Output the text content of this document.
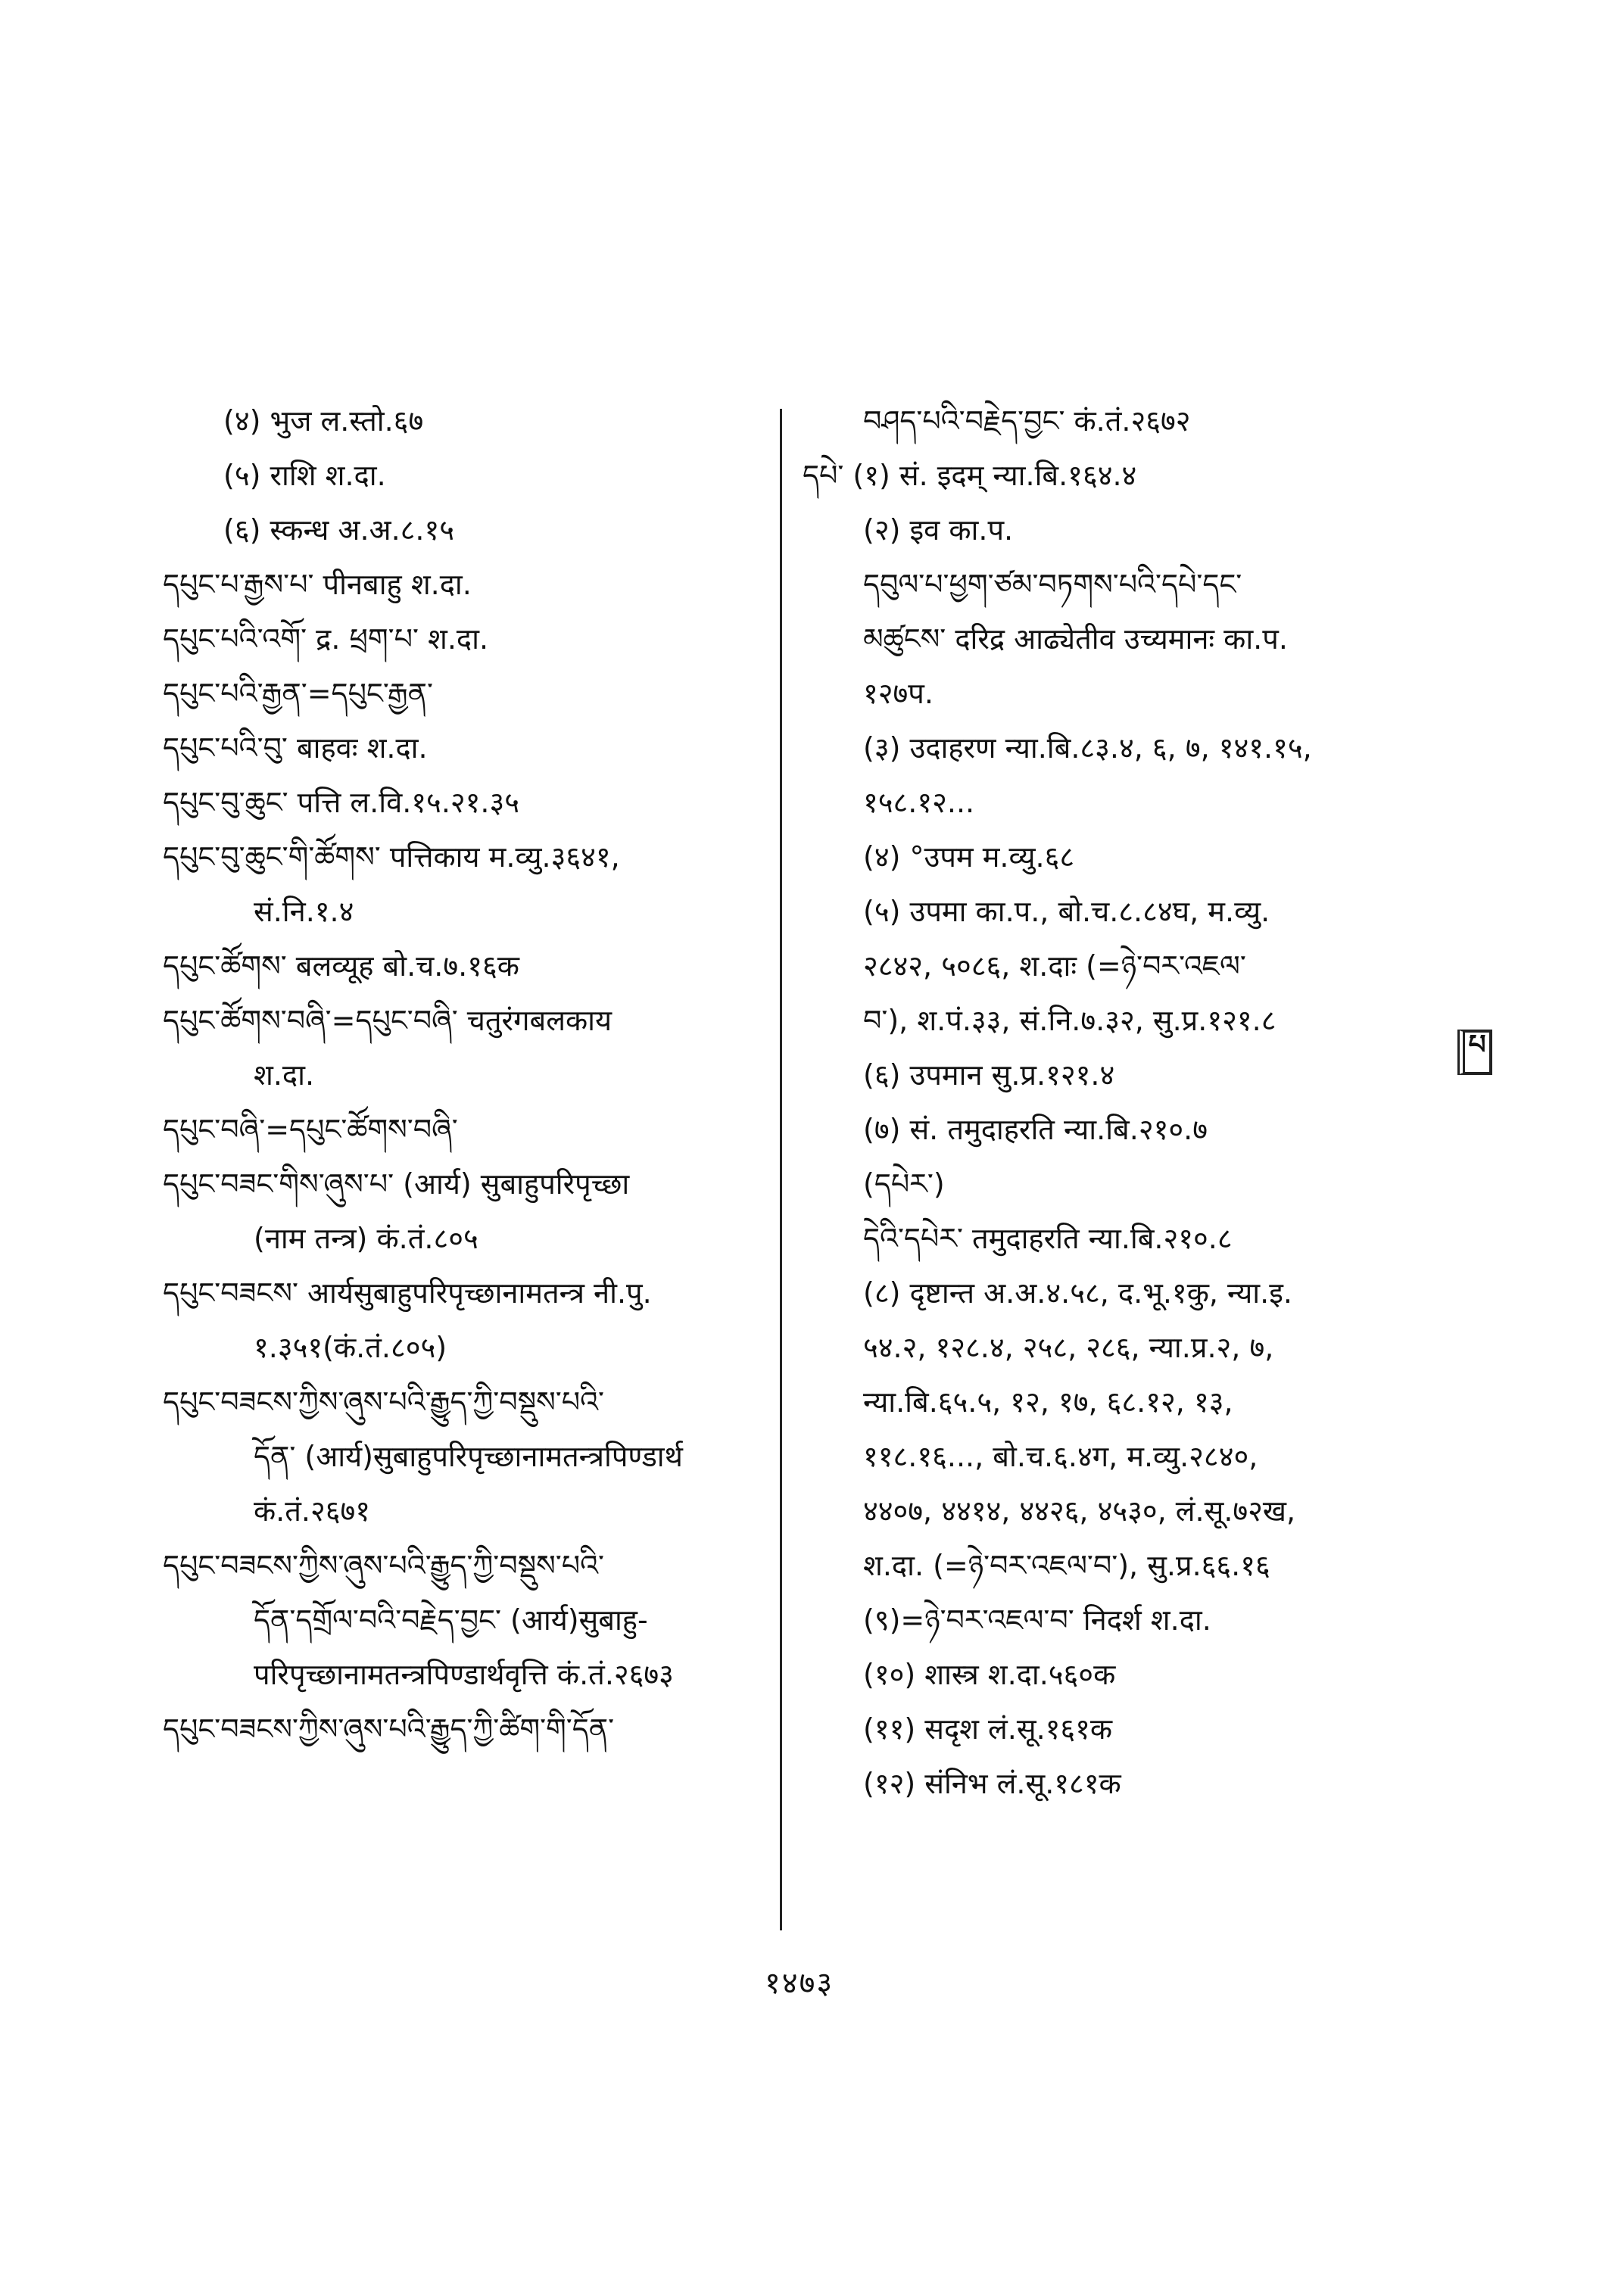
(४) भुज ल.स्तो.६७
(५) राशि श.दा.
(६) स्कन्ध अ.अ.८.१५
དཔུང་པ་རྒྱས་པ་ पीनबाहु श.दा.
དཔུང་པའི་འགོ་ द्र. ཕྲག་པ་ श.दा.
དཔུང་པའི་རྒྱན་=དཔུང་རྒྱན་
དཔུང་པའི་བུ་ बाहवः श.दा.
དཔུང་བུ་ཆུང་ पत्ति ल.वि.१५.२१.३५
དཔུང་བུ་ཆུང་གི་ཚོགས་ पत्तिकाय म.व्यु.३६४१,
सं.नि.१.४
དཔུང་ཚོགས་ बलव्यूह बो.च.७.१६क
དཔུང་ཚོགས་བཞི་=དཔུང་བཞི་ चतुरंगबलकाय
श.दा.
དཔུང་བཞི་=དཔུང་ཚོགས་བཞི་
དཔུང་བཟང་གིས་ཞུས་པ་ (आर्य) सुबाहुपरिपृच्छा
(नाम तन्त्र) कं.तं.८०५
དཔུང་བཟངས་ आर्यसुबाहुपरिपृच्छानामतन्त्र नी.पु.
१.३५१(कं.तं.८०५)
དཔུང་བཟངས་ཀྱིས་ཞུས་པའི་རྒྱུད་ཀྱི་བསྡུས་པའི་
དོན་ (आर्य)सुबाहुपरिपृच्छानामतन्त्रपिण्डार्थ
कं.तं.२६७१
དཔུང་བཟངས་ཀྱིས་ཞུས་པའི་རྒྱུད་ཀྱི་བསྡུས་པའི་
དོན་དགྲོལ་བའི་བརྗེད་བྱང་ (आर्य)सुबाहु-
परिपृच्छानामतन्त्रपिण्डार्थवृत्ति कं.तं.२६७३
དཔུང་བཟངས་ཀྱིས་ཞུས་པའི་རྒྱུད་ཀྱི་ཚིག་གི་དོན་
བཤད་པའི་བརྗེད་བྱང་ कं.तं.२६७२
དཔེ་ (१) सं. इदम् न्या.बि.१६४.४
(२) इव का.प.
དབུལ་པ་ཕྱག་ཙམ་བཏགས་པའི་དཔེ་དང་
མཚུངས་ दरिद्र आढ्येतीव उच्यमानः का.प.
१२७प.
(३) उदाहरण न्या.बि.८३.४, ६, ७, १४१.१५,
१५८.१२...
(४) °उपम म.व्यु.६८
(५) उपमा का.प., बो.च.८.८४घ, म.व्यु.
२८४२, ५०८६, श.दाः (=ཉེ་བར་འཇལ་
བ་), श.पं.३३, सं.नि.७.३२, सु.प्र.१२१.८
(६) उपमान सु.प्र.१२१.४
(७) सं. तमुदाहरति न्या.बि.२१०.७
(དཔེར་)
དེའི་དཔེར་ तमुदाहरति न्या.बि.२१०.८
(८) दृष्टान्त अ.अ.४.५८, द.भू.१कु, न्या.इ.
५४.२, १२८.४, २५८, २८६, न्या.प्र.२, ७,
न्या.बि.६५.५, १२, १७, ६८.१२, १३,
११८.१६..., बो.च.६.४ग, म.व्यु.२८४०,
४४०७, ४४१४, ४४२६, ४५३०, लं.सू.७२ख,
श.दा. (=ཉེ་བར་འཇལ་བ་), सु.प्र.६६.१६
(९)=ཉེ་བར་འཇལ་བ་ निदर्श श.दा.
(१०) शास्त्र श.दा.५६०क
(११) सदृश लं.सू.१६१क
(१२) संनिभ लं.सू.१८१क
པ
१४७३
